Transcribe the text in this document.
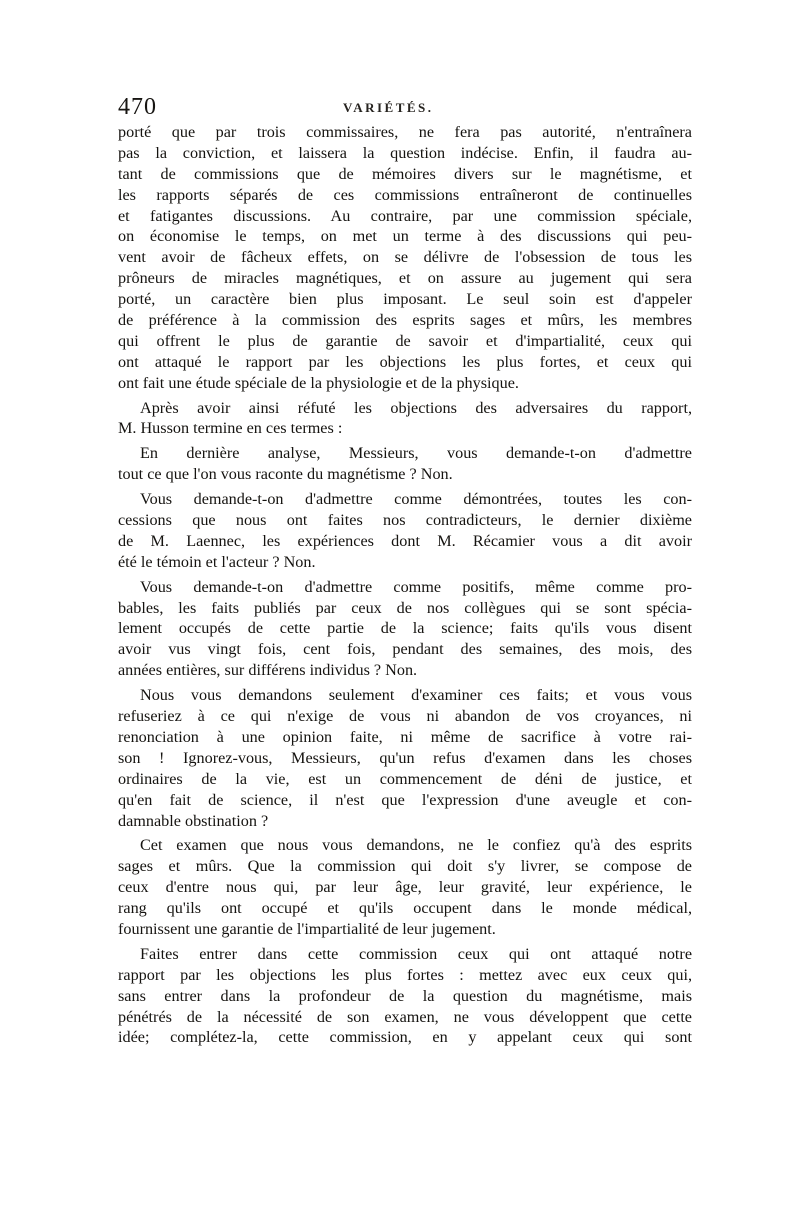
470	VARIÉTÉS.
porté que par trois commissaires, ne fera pas autorité, n'entraînera
pas la conviction, et laissera la question indécise. Enfin, il faudra au-
tant de commissions que de mémoires divers sur le magnétisme, et
les rapports séparés de ces commissions entraîneront de continuelles
et fatigantes discussions. Au contraire, par une commission spéciale,
on économise le temps, on met un terme à des discussions qui peu-
vent avoir de fâcheux effets, on se délivre de l'obsession de tous les
prôneurs de miracles magnétiques, et on assure au jugement qui sera
porté, un caractère bien plus imposant. Le seul soin est d'appeler
de préférence à la commission des esprits sages et mûrs, les membres
qui offrent le plus de garantie de savoir et d'impartialité, ceux qui
ont attaqué le rapport par les objections les plus fortes, et ceux qui
ont fait une étude spéciale de la physiologie et de la physique.
Après avoir ainsi réfuté les objections des adversaires du rapport,
M. Husson termine en ces termes :
En dernière analyse, Messieurs, vous demande-t-on d'admettre
tout ce que l'on vous raconte du magnétisme ? Non.
Vous demande-t-on d'admettre comme démontrées, toutes les con-
cessions que nous ont faites nos contradicteurs, le dernier dixième
de M. Laennec, les expériences dont M. Récamier vous a dit avoir
été le témoin et l'acteur ? Non.
Vous demande-t-on d'admettre comme positifs, même comme pro-
bables, les faits publiés par ceux de nos collègues qui se sont spécia-
lement occupés de cette partie de la science; faits qu'ils vous disent
avoir vus vingt fois, cent fois, pendant des semaines, des mois, des
années entières, sur différens individus ? Non.
Nous vous demandons seulement d'examiner ces faits; et vous vous
refuseriez à ce qui n'exige de vous ni abandon de vos croyances, ni
renonciation à une opinion faite, ni même de sacrifice à votre rai-
son ! Ignorez-vous, Messieurs, qu'un refus d'examen dans les choses
ordinaires de la vie, est un commencement de déni de justice, et
qu'en fait de science, il n'est que l'expression d'une aveugle et con-
damnable obstination ?
Cet examen que nous vous demandons, ne le confiez qu'à des esprits
sages et mûrs. Que la commission qui doit s'y livrer, se compose de
ceux d'entre nous qui, par leur âge, leur gravité, leur expérience, le
rang qu'ils ont occupé et qu'ils occupent dans le monde médical,
fournissent une garantie de l'impartialité de leur jugement.
Faites entrer dans cette commission ceux qui ont attaqué notre
rapport par les objections les plus fortes : mettez avec eux ceux qui,
sans entrer dans la profondeur de la question du magnétisme, mais
pénétrés de la nécessité de son examen, ne vous développent que cette
idée; complétez-la, cette commission, en y appelant ceux qui sont
